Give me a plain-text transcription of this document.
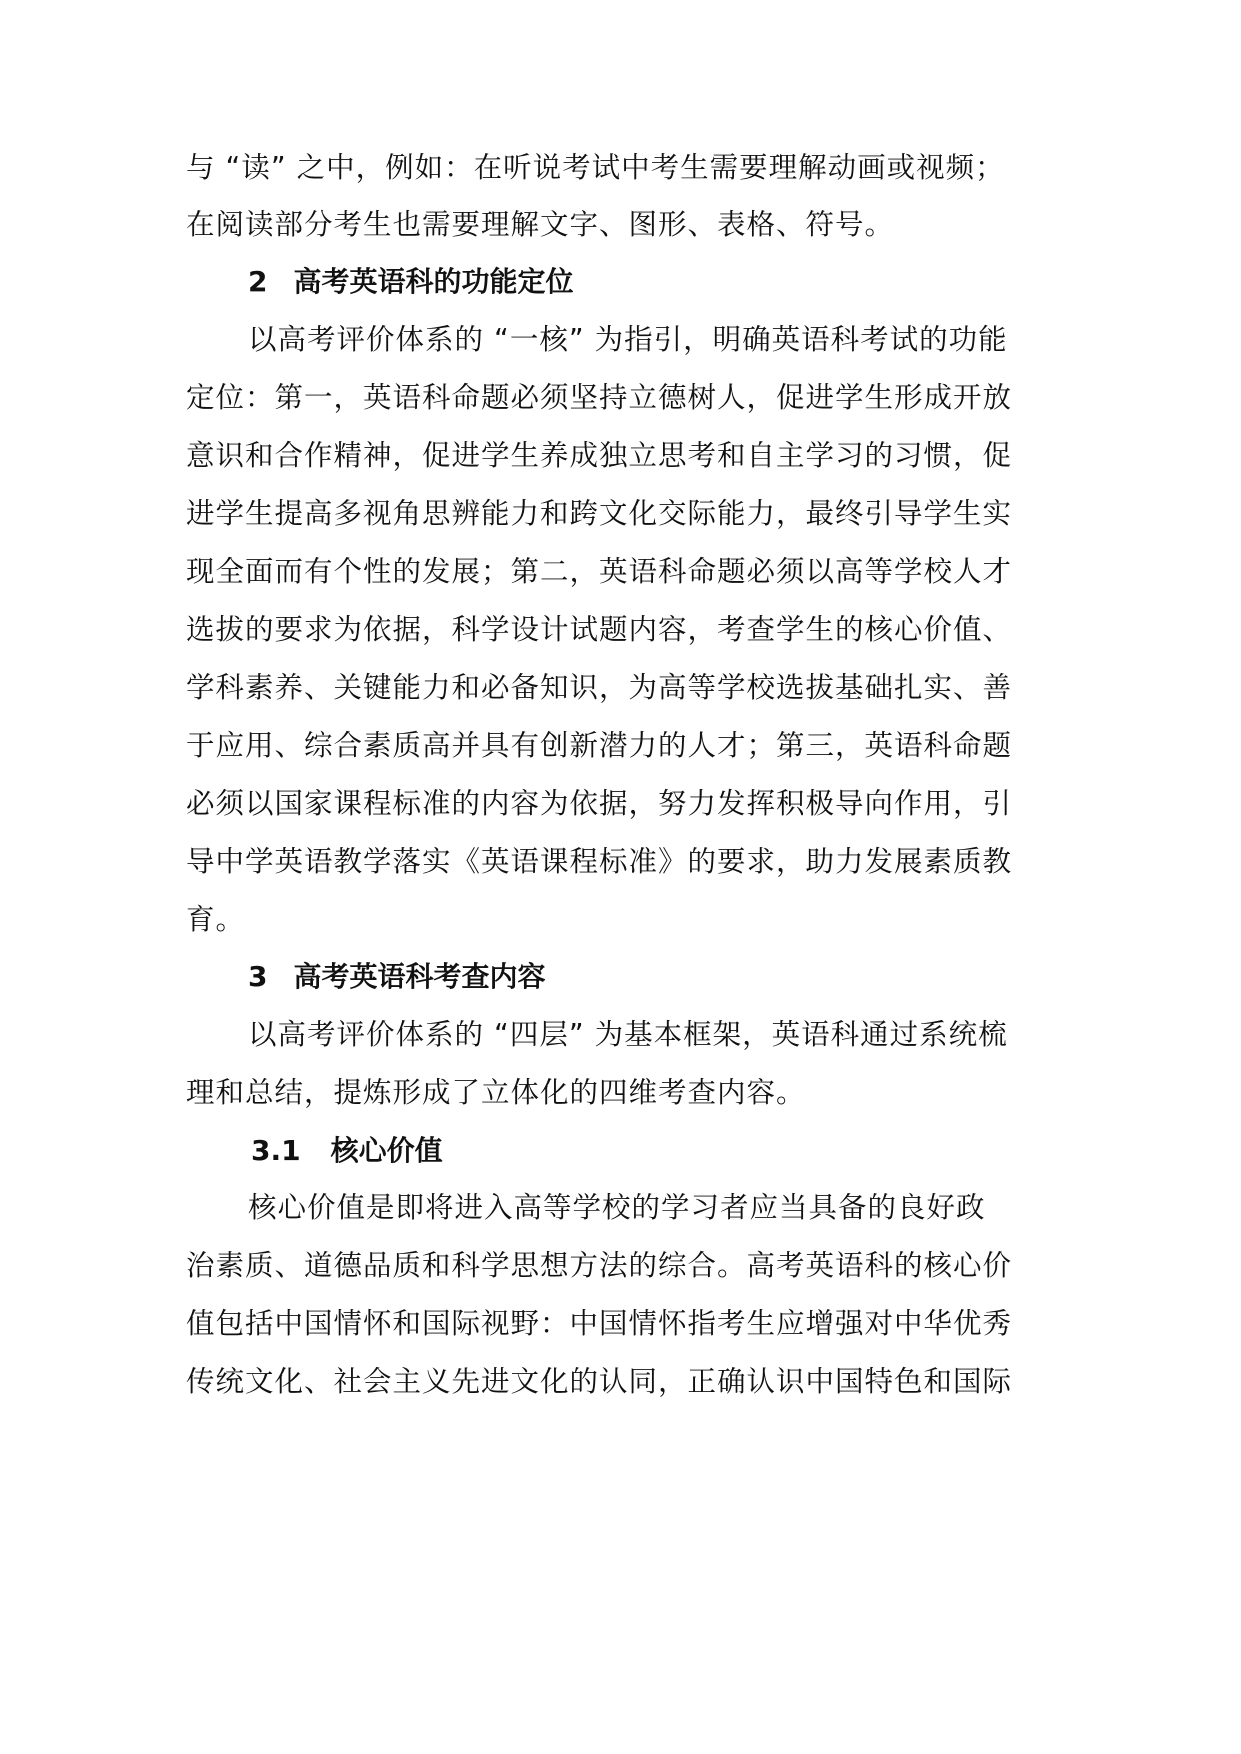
与 “读” 之中，例如：在听说考试中考生需要理解动画或视频；
在阅读部分考生也需要理解文字、图形、表格、符号。
2 高考英语科的功能定位
以高考评价体系的 “一核” 为指引，明确英语科考试的功能
定位：第一，英语科命题必须坚持立德树人，促进学生形成开放
意识和合作精神，促进学生养成独立思考和自主学习的习惯，促
进学生提高多视角思辨能力和跨文化交际能力，最终引导学生实
现全面而有个性的发展；第二，英语科命题必须以高等学校人才
选拔的要求为依据，科学设计试题内容，考查学生的核心价值、
学科素养、关键能力和必备知识，为高等学校选拔基础扎实、善
于应用、综合素质高并具有创新潜力的人才；第三，英语科命题
必须以国家课程标准的内容为依据，努力发挥积极导向作用，引
导中学英语教学落实《英语课程标准》的要求，助力发展素质教
育。
3 高考英语科考查内容
以高考评价体系的 “四层” 为基本框架，英语科通过系统梳
理和总结，提炼形成了立体化的四维考查内容。
3.1 核心价值
核心价值是即将进入高等学校的学习者应当具备的良好政
治素质、道德品质和科学思想方法的综合。高考英语科的核心价
值包括中国情怀和国际视野：中国情怀指考生应增强对中华优秀
传统文化、社会主义先进文化的认同，正确认识中国特色和国际
